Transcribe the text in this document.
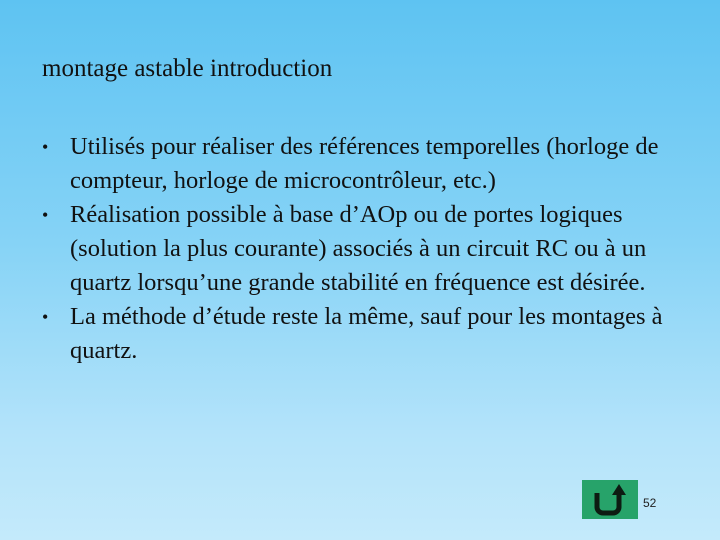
montage astable introduction
• Utilisés pour réaliser des références temporelles (horloge de compteur, horloge de microcontrôleur, etc.)
• Réalisation possible à base d’AOp ou de portes logiques (solution la plus courante) associés à un circuit RC ou à un quartz lorsqu’une grande stabilité en fréquence est désirée.
• La méthode d’étude reste la même, sauf pour les montages à quartz.
52
